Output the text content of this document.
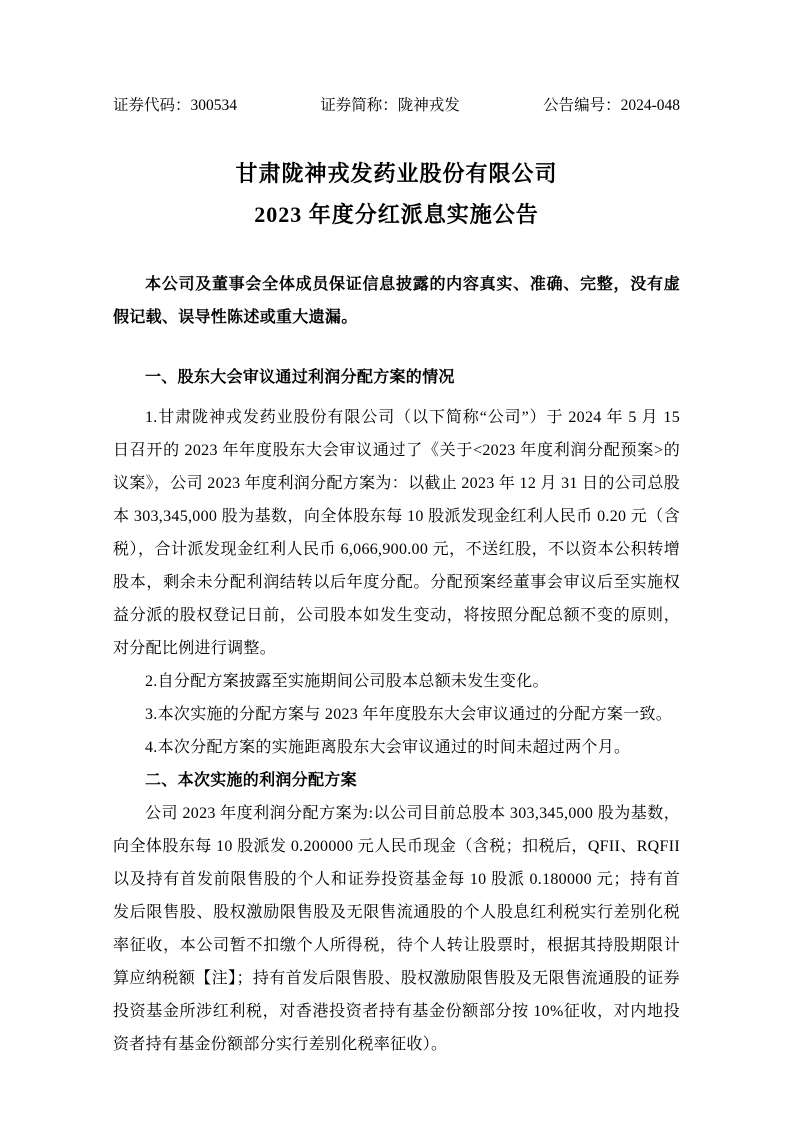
证券代码：300534	证券简称：陇神戎发	公告编号：2024-048
甘肃陇神戎发药业股份有限公司
2023 年度分红派息实施公告

本公司及董事会全体成员保证信息披露的内容真实、准确、完整，没有虚假记载、误导性陈述或重大遗漏。

一、股东大会审议通过利润分配方案的情况

1.甘肃陇神戎发药业股份有限公司（以下简称“公司”）于 2024 年 5 月 15 日召开的 2023 年年度股东大会审议通过了《关于<2023 年度利润分配预案>的议案》，公司 2023 年度利润分配方案为：以截止 2023 年 12 月 31 日的公司总股本 303,345,000 股为基数，向全体股东每 10 股派发现金红利人民币 0.20 元（含税），合计派发现金红利人民币 6,066,900.00 元，不送红股，不以资本公积转增股本，剩余未分配利润结转以后年度分配。分配预案经董事会审议后至实施权益分派的股权登记日前，公司股本如发生变动，将按照分配总额不变的原则，对分配比例进行调整。

2.自分配方案披露至实施期间公司股本总额未发生变化。

3.本次实施的分配方案与 2023 年年度股东大会审议通过的分配方案一致。

4.本次分配方案的实施距离股东大会审议通过的时间未超过两个月。

二、本次实施的利润分配方案

公司 2023 年度利润分配方案为:以公司目前总股本 303,345,000 股为基数，向全体股东每 10 股派发 0.200000 元人民币现金（含税；扣税后，QFII、RQFII 以及持有首发前限售股的个人和证券投资基金每 10 股派 0.180000 元；持有首发后限售股、股权激励限售股及无限售流通股的个人股息红利税实行差别化税率征收，本公司暂不扣缴个人所得税，待个人转让股票时，根据其持股期限计算应纳税额【注】；持有首发后限售股、股权激励限售股及无限售流通股的证券投资基金所涉红利税，对香港投资者持有基金份额部分按 10%征收，对内地投资者持有基金份额部分实行差别化税率征收）。
